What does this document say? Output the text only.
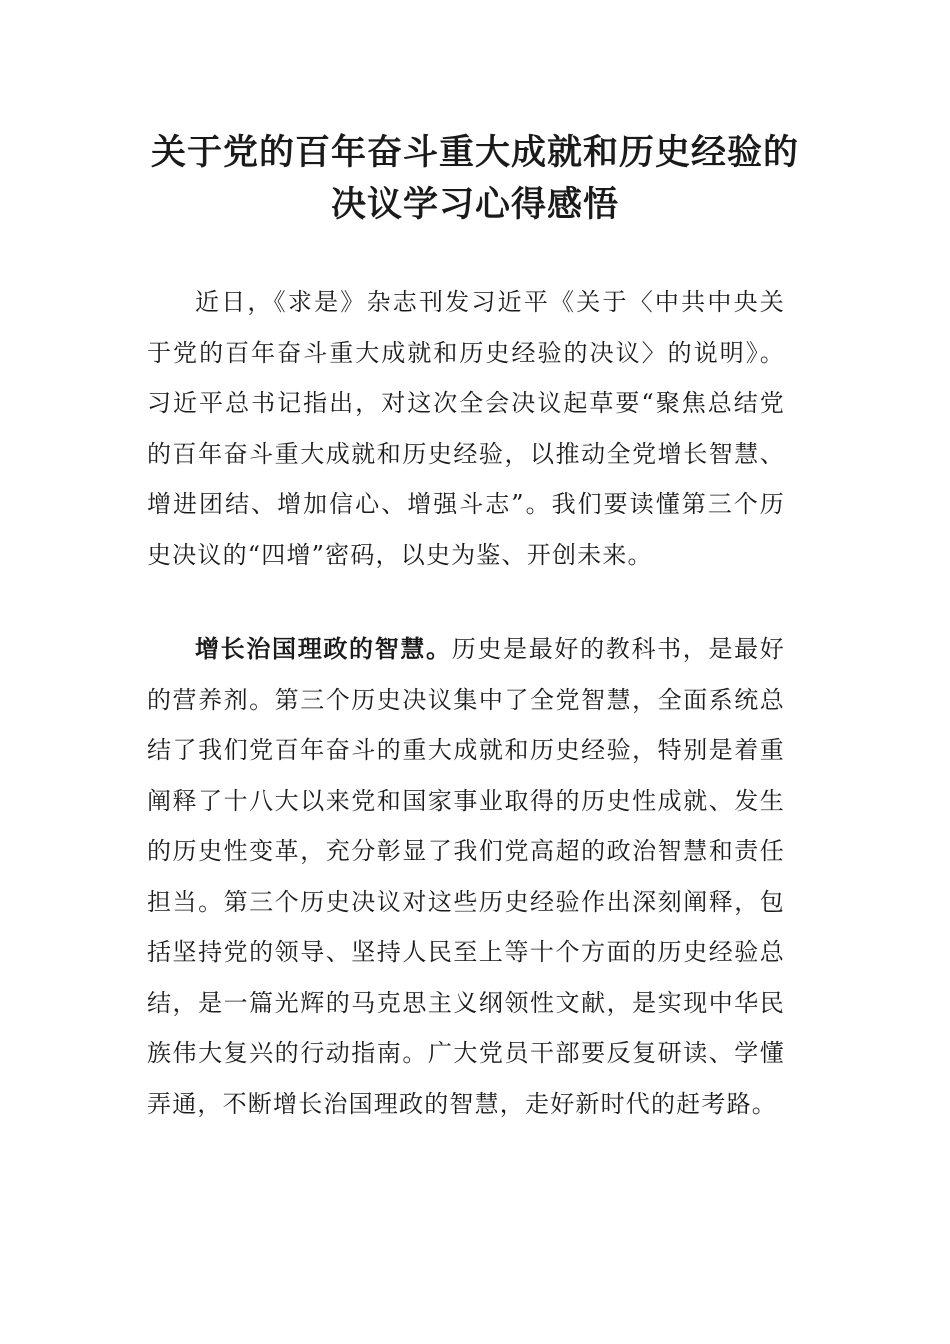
关于党的百年奋斗重大成就和历史经验的
决议学习心得感悟

近日，《求是》杂志刊发习近平《关于〈中共中央关于党的百年奋斗重大成就和历史经验的决议〉的说明》。习近平总书记指出，对这次全会决议起草要“聚焦总结党的百年奋斗重大成就和历史经验，以推动全党增长智慧、增进团结、增加信心、增强斗志”。我们要读懂第三个历史决议的“四增”密码，以史为鉴、开创未来。

增长治国理政的智慧。历史是最好的教科书，是最好的营养剂。第三个历史决议集中了全党智慧，全面系统总结了我们党百年奋斗的重大成就和历史经验，特别是着重阐释了十八大以来党和国家事业取得的历史性成就、发生的历史性变革，充分彰显了我们党高超的政治智慧和责任担当。第三个历史决议对这些历史经验作出深刻阐释，包括坚持党的领导、坚持人民至上等十个方面的历史经验总结，是一篇光辉的马克思主义纲领性文献，是实现中华民族伟大复兴的行动指南。广大党员干部要反复研读、学懂弄通，不断增长治国理政的智慧，走好新时代的赶考路。
